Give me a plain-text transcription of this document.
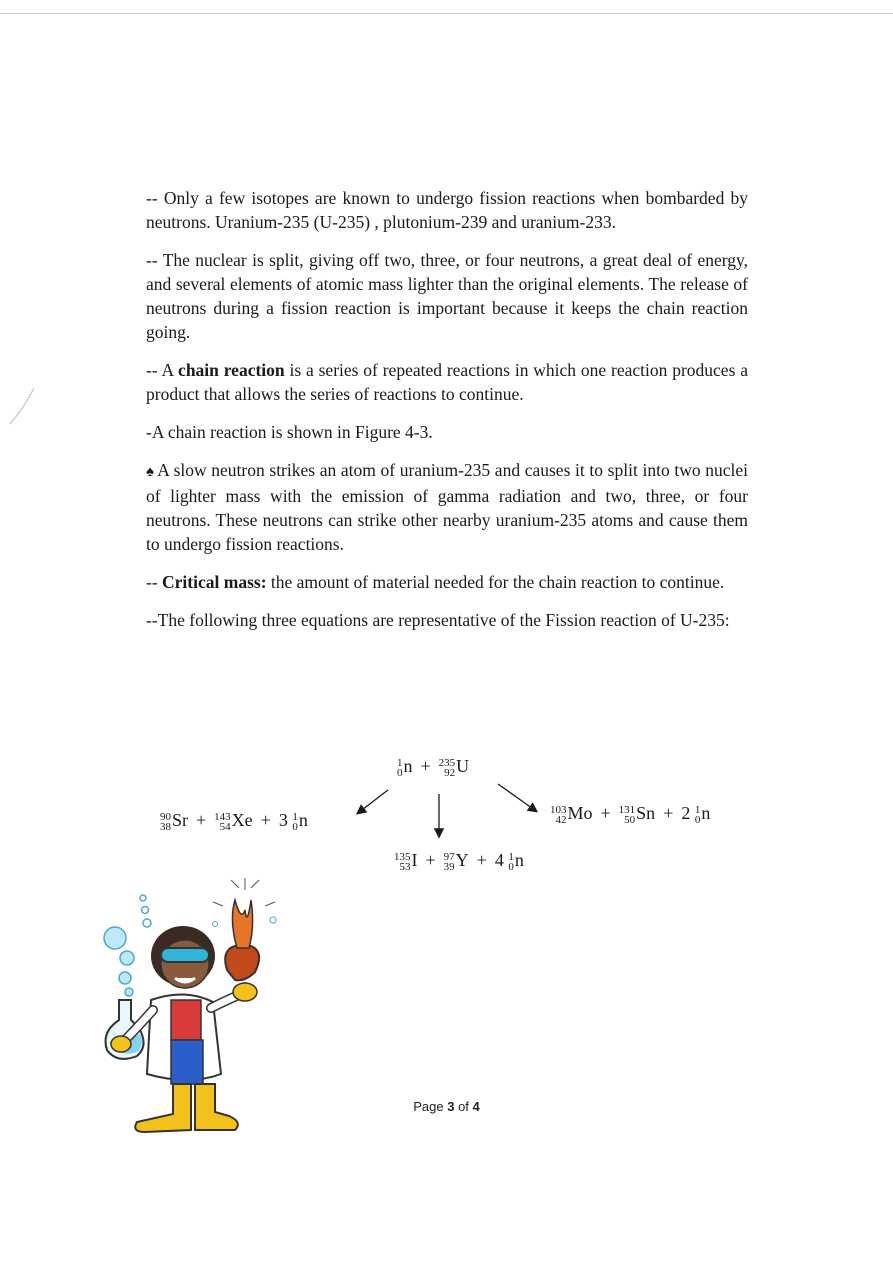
-- Only a few isotopes are known to undergo fission reactions when bombarded by neutrons. Uranium-235 (U-235) , plutonium-239 and uranium-233.

-- The nuclear is split, giving off two, three, or four neutrons, a great deal of energy, and several elements of atomic mass lighter than the original elements. The release of neutrons during a fission reaction is important because it keeps the chain reaction going.

-- A chain reaction is a series of repeated reactions in which one reaction produces a product that allows the series of reactions to continue.

-A chain reaction is shown in Figure 4-3.

♠ A slow neutron strikes an atom of uranium-235 and causes it to split into two nuclei of lighter mass with the emission of gamma radiation and two, three, or four neutrons. These neutrons can strike other nearby uranium-235 atoms and cause them to undergo fission reactions.

-- Critical mass: the amount of material needed for the chain reaction to continue.

--The following three equations are representative of the Fission reaction of U-235:

1
0 n + 235
92 U
90
38 Sr + 143
54 Xe + 3 1
0 n
135
53 I + 97
39 Y + 4 1
0 n
103
42 Mo + 131
50 Sn + 2 1
0 n
Page 3 of 4
